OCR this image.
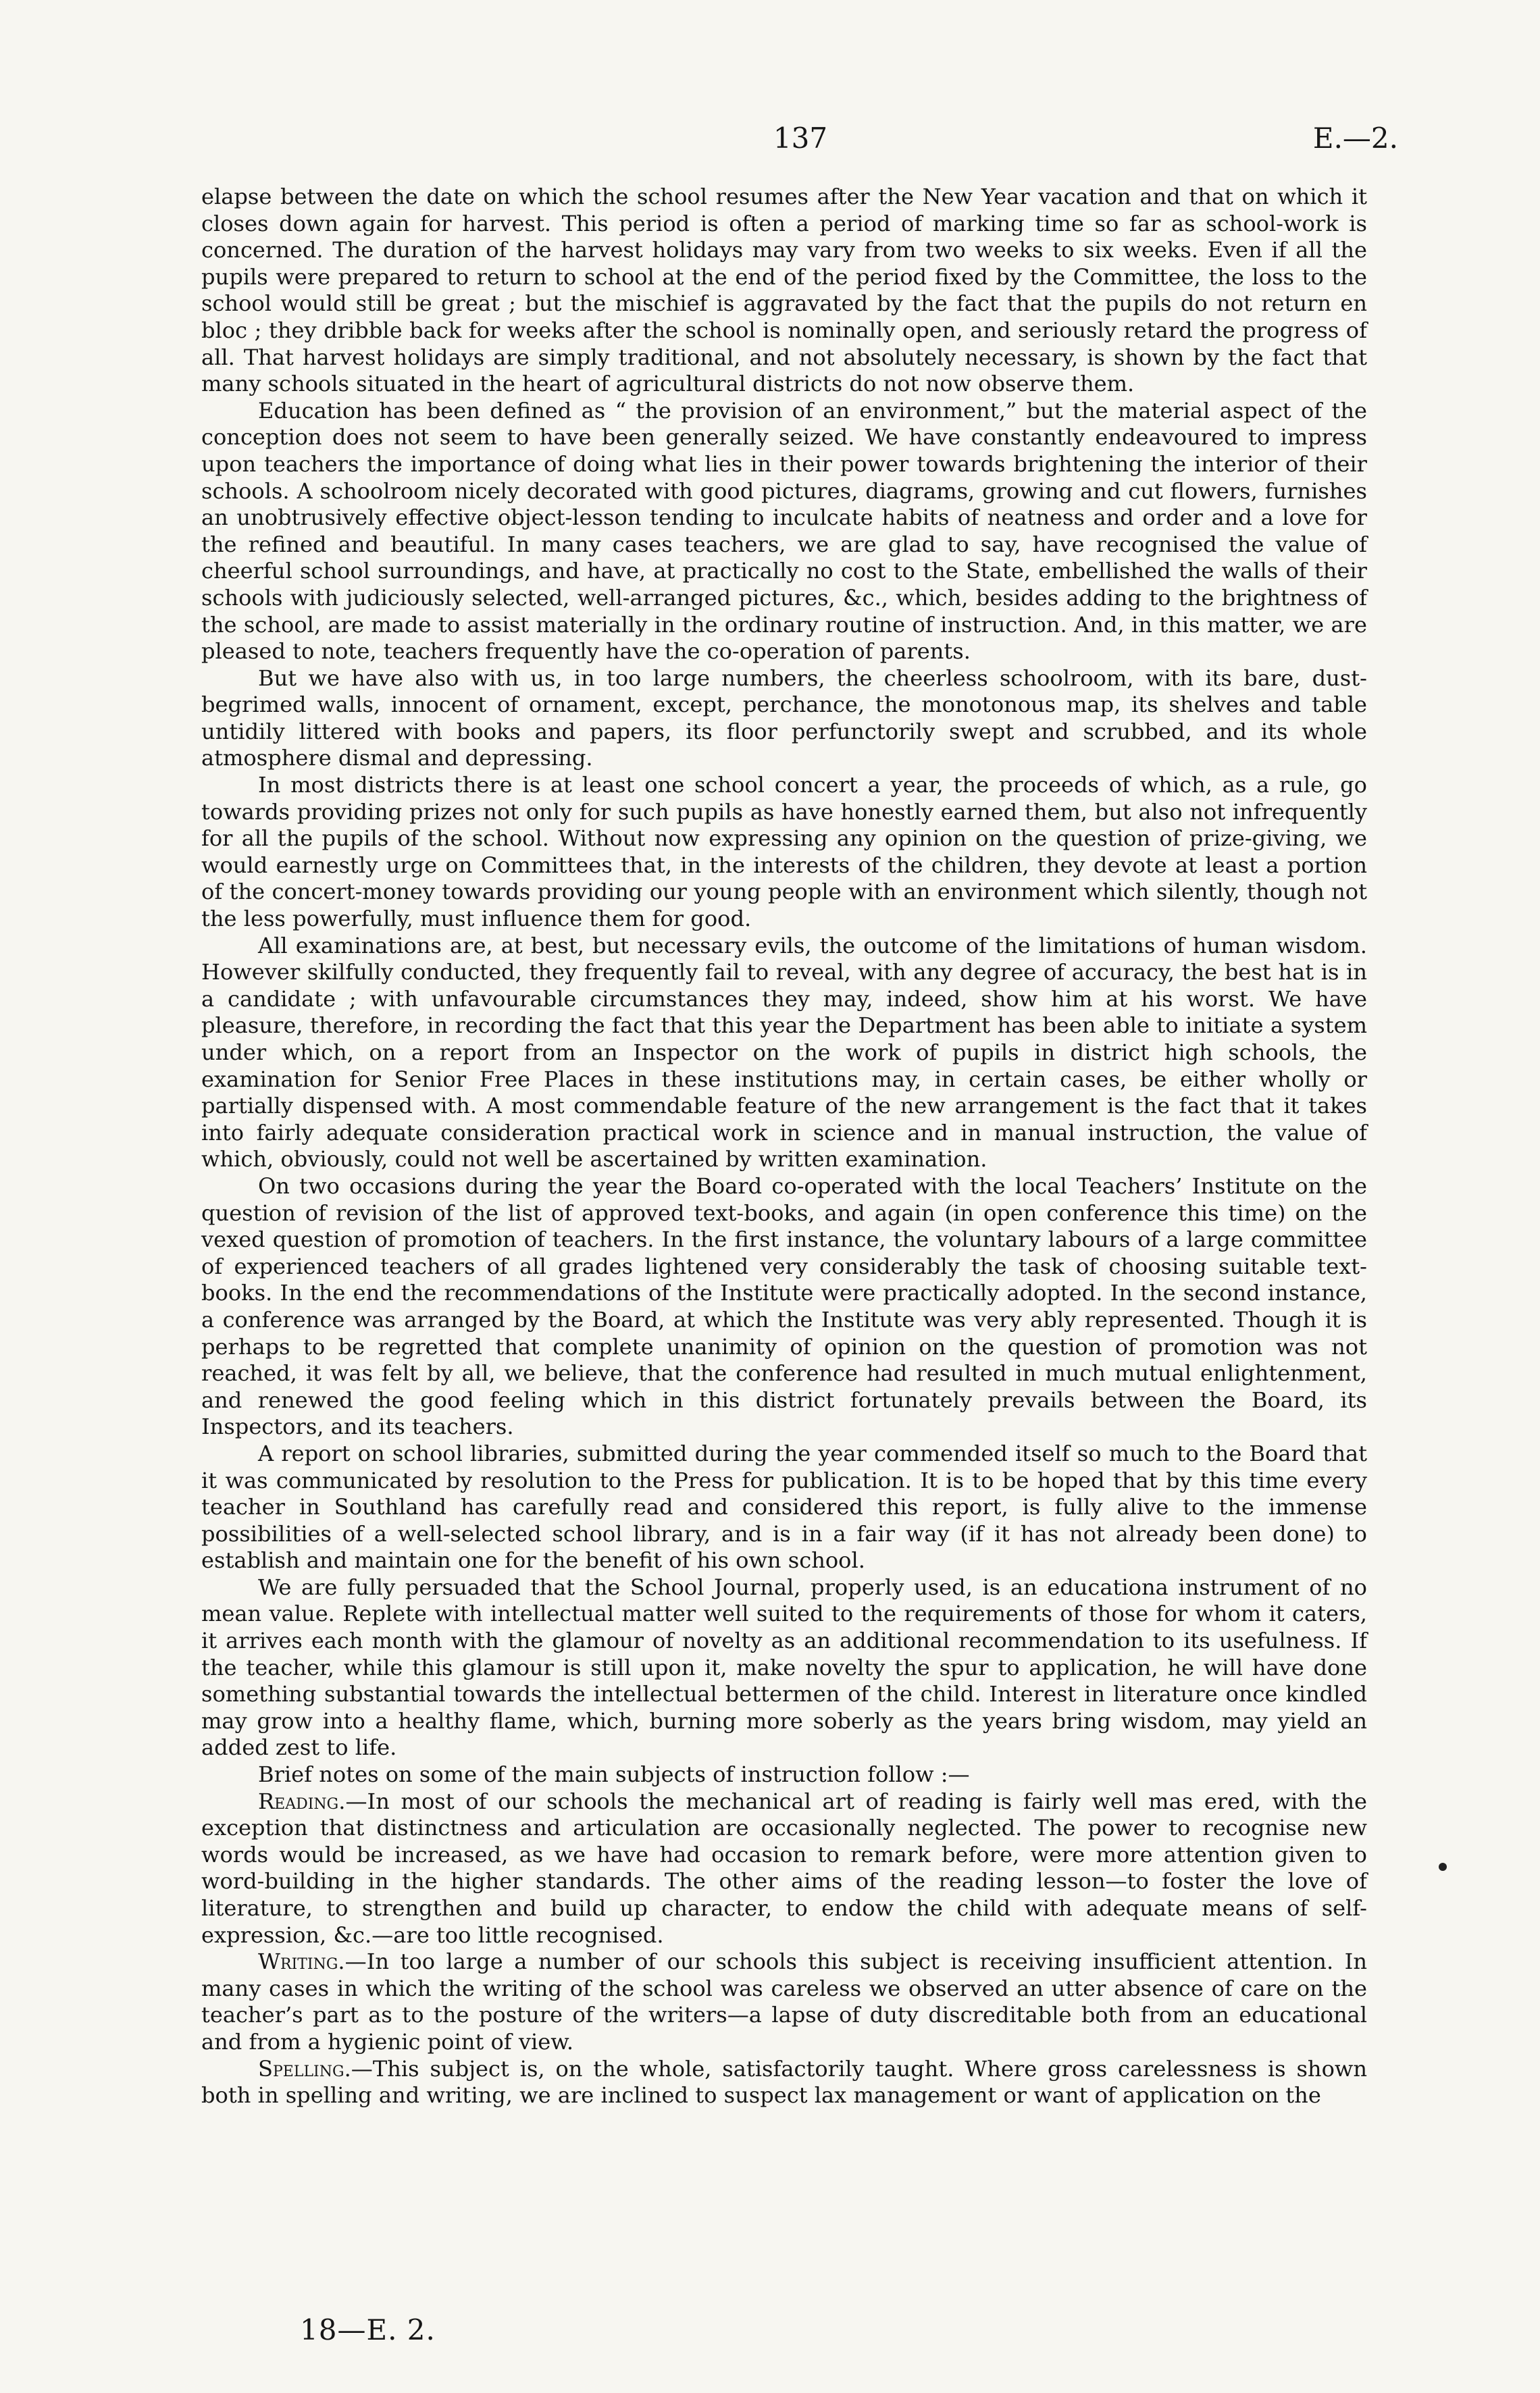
137	E.—2.

elapse between the date on which the school resumes after the New Year vacation and that on which it closes down again for harvest. This period is often a period of marking time so far as school-work is concerned. The duration of the harvest holidays may vary from two weeks to six weeks. Even if all the pupils were prepared to return to school at the end of the period fixed by the Committee, the loss to the school would still be great ; but the mischief is aggravated by the fact that the pupils do not return en bloc ; they dribble back for weeks after the school is nominally open, and seriously retard the progress of all. That harvest holidays are simply traditional, and not absolutely necessary, is shown by the fact that many schools situated in the heart of agricultural districts do not now observe them.

Education has been defined as “ the provision of an environment,” but the material aspect of the conception does not seem to have been generally seized. We have constantly endeavoured to impress upon teachers the importance of doing what lies in their power towards brightening the interior of their schools. A schoolroom nicely decorated with good pictures, diagrams, growing and cut flowers, furnishes an unobtrusively effective object-lesson tending to inculcate habits of neatness and order and a love for the refined and beautiful. In many cases teachers, we are glad to say, have recognised the value of cheerful school surroundings, and have, at practically no cost to the State, embellished the walls of their schools with judiciously selected, well-arranged pictures, &c., which, besides adding to the brightness of the school, are made to assist materially in the ordinary routine of instruction. And, in this matter, we are pleased to note, teachers frequently have the co-operation of parents.

But we have also with us, in too large numbers, the cheerless schoolroom, with its bare, dust-begrimed walls, innocent of ornament, except, perchance, the monotonous map, its shelves and table untidily littered with books and papers, its floor perfunctorily swept and scrubbed, and its whole atmosphere dismal and depressing.

In most districts there is at least one school concert a year, the proceeds of which, as a rule, go towards providing prizes not only for such pupils as have honestly earned them, but also not infrequently for all the pupils of the school. Without now expressing any opinion on the question of prize-giving, we would earnestly urge on Committees that, in the interests of the children, they devote at least a portion of the concert-money towards providing our young people with an environment which silently, though not the less powerfully, must influence them for good.

All examinations are, at best, but necessary evils, the outcome of the limitations of human wisdom. However skilfully conducted, they frequently fail to reveal, with any degree of accuracy, the best hat is in a candidate ; with unfavourable circumstances they may, indeed, show him at his worst. We have pleasure, therefore, in recording the fact that this year the Department has been able to initiate a system under which, on a report from an Inspector on the work of pupils in district high schools, the examination for Senior Free Places in these institutions may, in certain cases, be either wholly or partially dispensed with. A most commendable feature of the new arrangement is the fact that it takes into fairly adequate consideration practical work in science and in manual instruction, the value of which, obviously, could not well be ascertained by written examination.

On two occasions during the year the Board co-operated with the local Teachers’ Institute on the question of revision of the list of approved text-books, and again (in open conference this time) on the vexed question of promotion of teachers. In the first instance, the voluntary labours of a large committee of experienced teachers of all grades lightened very considerably the task of choosing suitable text-books. In the end the recommendations of the Institute were practically adopted. In the second instance, a conference was arranged by the Board, at which the Institute was very ably represented. Though it is perhaps to be regretted that complete unanimity of opinion on the question of promotion was not reached, it was felt by all, we believe, that the conference had resulted in much mutual enlightenment, and renewed the good feeling which in this district fortunately prevails between the Board, its Inspectors, and its teachers.

A report on school libraries, submitted during the year commended itself so much to the Board that it was communicated by resolution to the Press for publication. It is to be hoped that by this time every teacher in Southland has carefully read and considered this report, is fully alive to the immense possibilities of a well-selected school library, and is in a fair way (if it has not already been done) to establish and maintain one for the benefit of his own school.

We are fully persuaded that the School Journal, properly used, is an educationa instrument of no mean value. Replete with intellectual matter well suited to the requirements of those for whom it caters, it arrives each month with the glamour of novelty as an additional recommendation to its usefulness. If the teacher, while this glamour is still upon it, make novelty the spur to application, he will have done something substantial towards the intellectual bettermen of the child. Interest in literature once kindled may grow into a healthy flame, which, burning more soberly as the years bring wisdom, may yield an added zest to life.

Brief notes on some of the main subjects of instruction follow :—

Reading.—In most of our schools the mechanical art of reading is fairly well mas ered, with the exception that distinctness and articulation are occasionally neglected. The power to recognise new words would be increased, as we have had occasion to remark before, were more attention given to word-building in the higher standards. The other aims of the reading lesson—to foster the love of literature, to strengthen and build up character, to endow the child with adequate means of self-expression, &c.—are too little recognised.

Writing.—In too large a number of our schools this subject is receiving insufficient attention. In many cases in which the writing of the school was careless we observed an utter absence of care on the teacher’s part as to the posture of the writers—a lapse of duty discreditable both from an educational and from a hygienic point of view.

Spelling.—This subject is, on the whole, satisfactorily taught. Where gross carelessness is shown both in spelling and writing, we are inclined to suspect lax management or want of application on the

18—E. 2.
